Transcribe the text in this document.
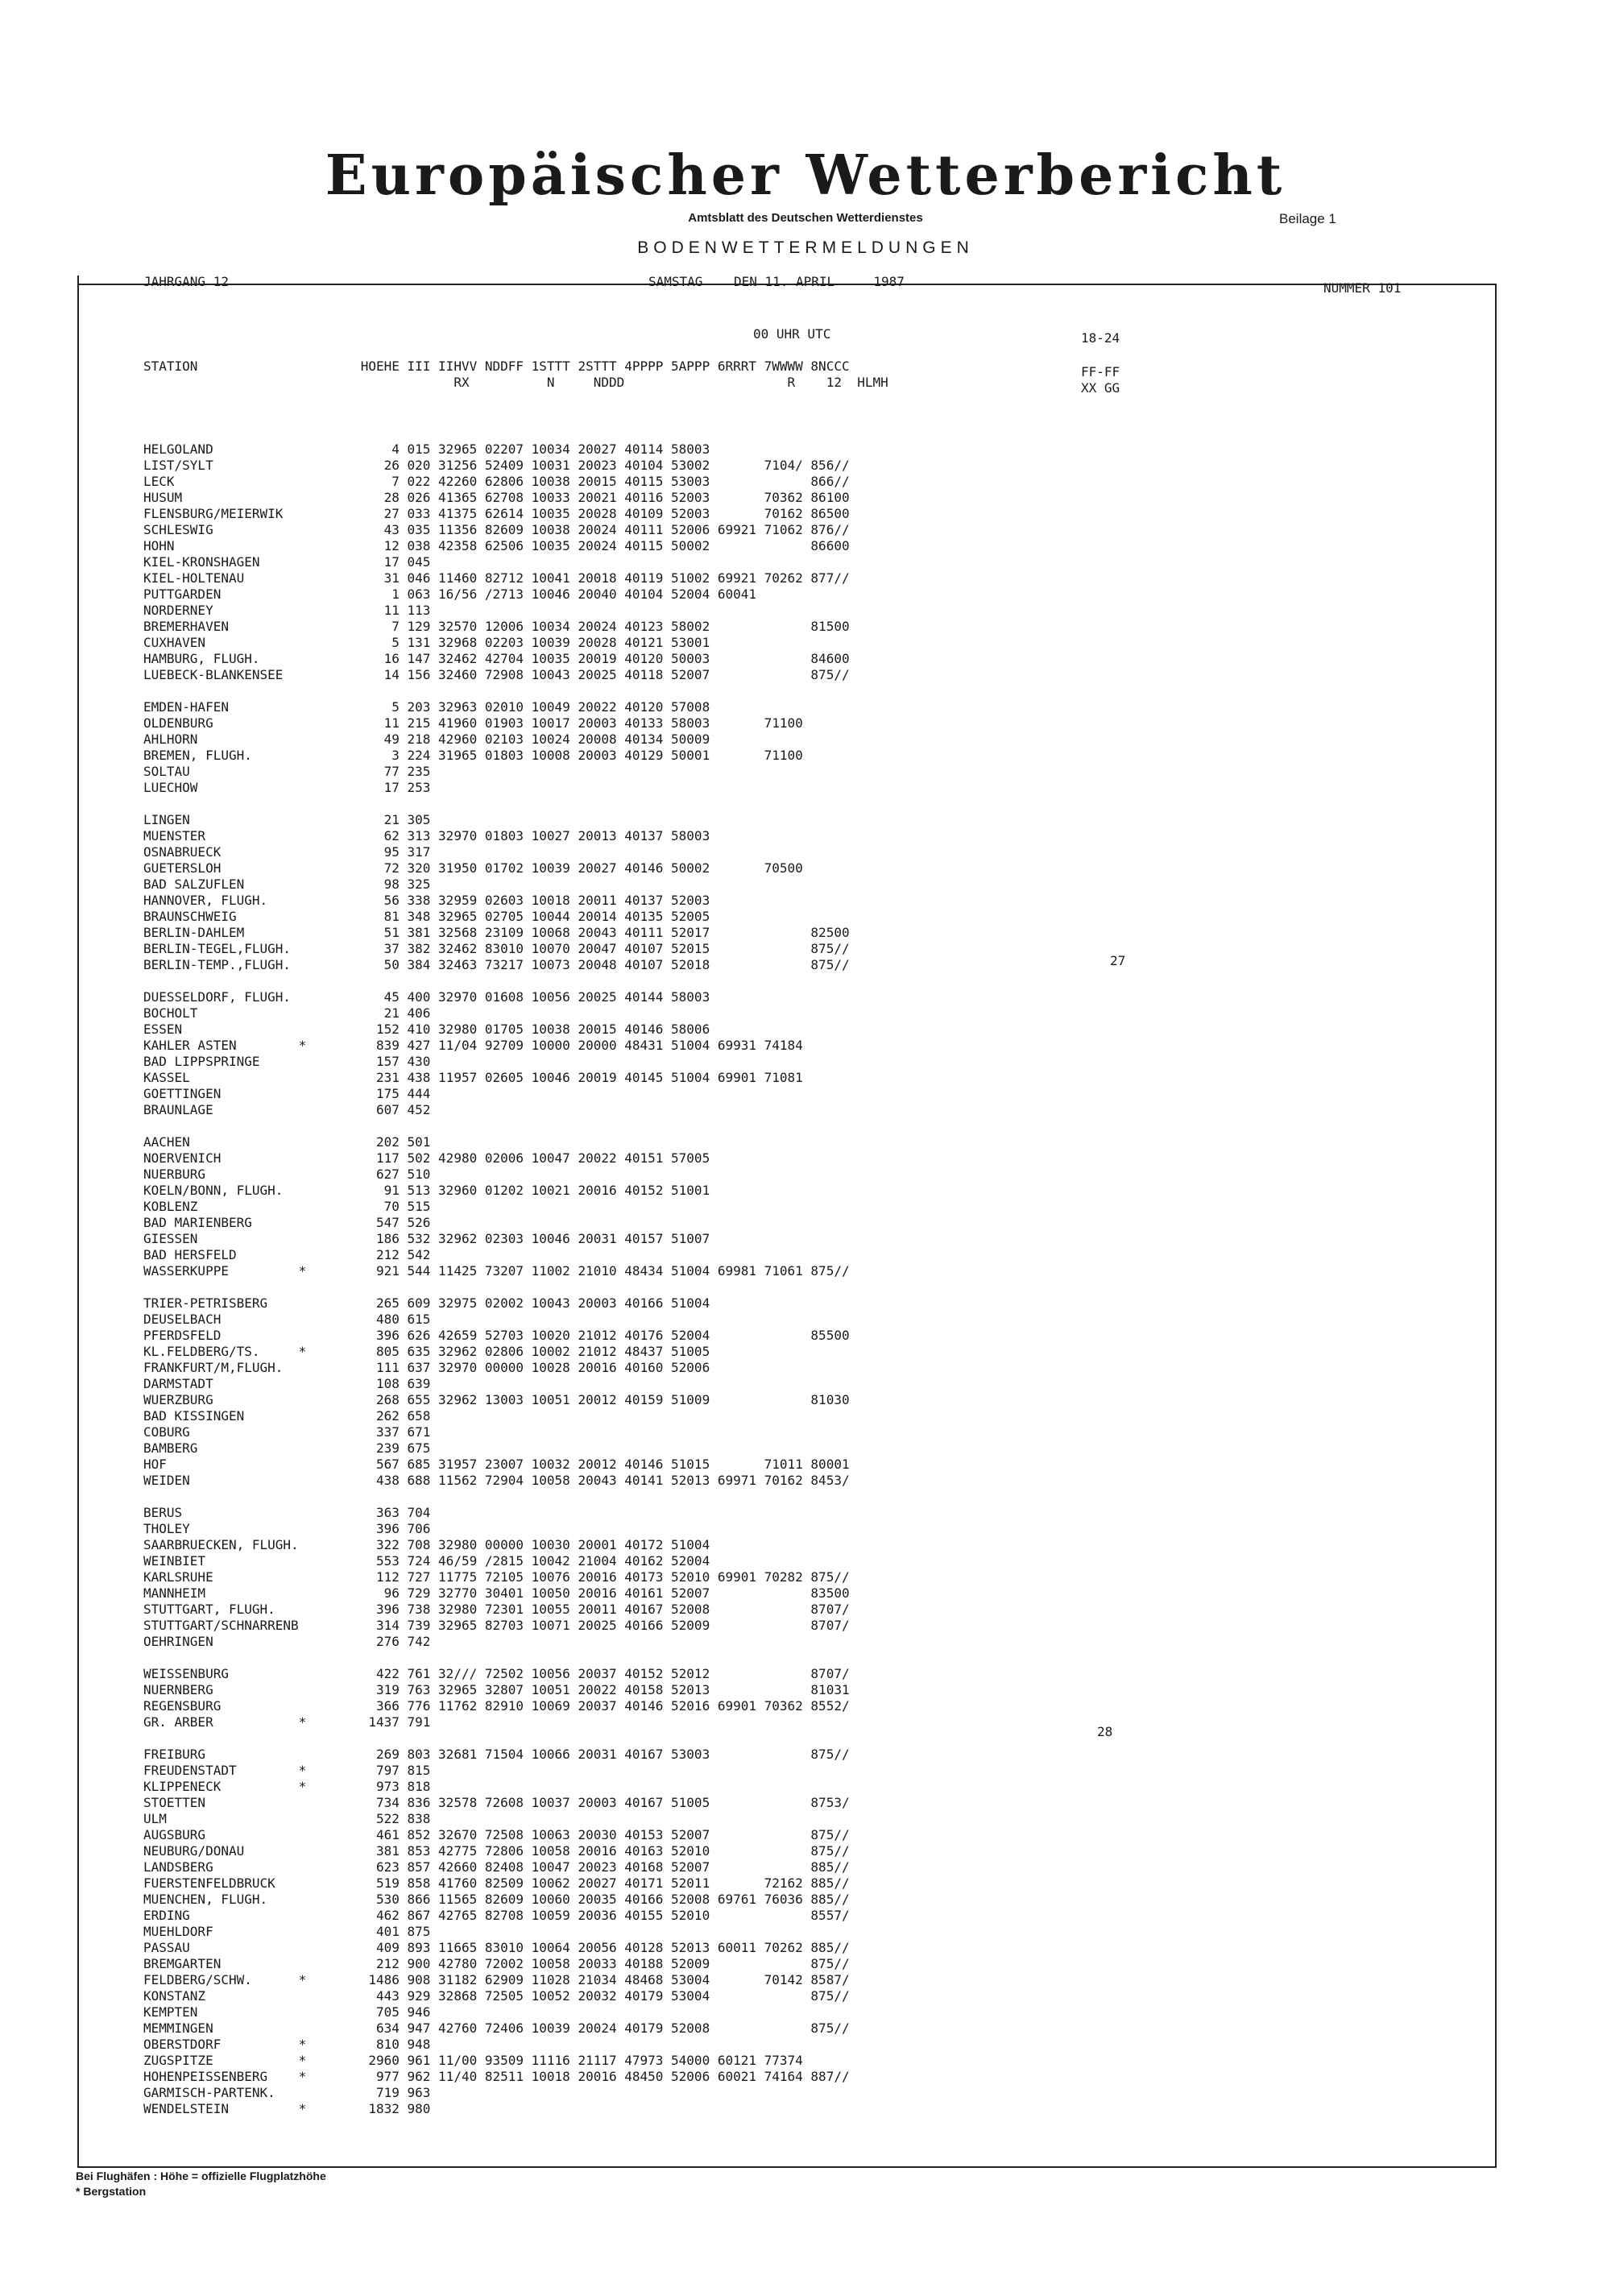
Europäischer Wetterbericht
Amtsblatt des Deutschen Wetterdienstes	Beilage 1
BODENWETTERMELDUNGEN
JAHRGANG 12	SAMSTAG    DEN 11. APRIL     1987	NUMMER 101
00 UHR UTC	18-24
STATION                     HOEHE III IIHVV NDDFF 1STTT 2STTT 4PPPP 5APPP 6RRRT 7WWWW 8NCCC
RX          N     NDDD                     R    12  HLMH
FF-FF
XX GG

HELGOLAND                       4 015 32965 02207 10034 20027 40114 58003
LIST/SYLT                      26 020 31256 52409 10031 20023 40104 53002       7104/ 856//
LECK                            7 022 42260 62806 10038 20015 40115 53003             866//
HUSUM                          28 026 41365 62708 10033 20021 40116 52003       70362 86100
FLENSBURG/MEIERWIK             27 033 41375 62614 10035 20028 40109 52003       70162 86500
SCHLESWIG                      43 035 11356 82609 10038 20024 40111 52006 69921 71062 876//
HOHN                           12 038 42358 62506 10035 20024 40115 50002             86600
KIEL-KRONSHAGEN                17 045
KIEL-HOLTENAU                  31 046 11460 82712 10041 20018 40119 51002 69921 70262 877//
PUTTGARDEN                      1 063 16/56 /2713 10046 20040 40104 52004 60041
NORDERNEY                      11 113
BREMERHAVEN                     7 129 32570 12006 10034 20024 40123 58002             81500
CUXHAVEN                        5 131 32968 02203 10039 20028 40121 53001
HAMBURG, FLUGH.                16 147 32462 42704 10035 20019 40120 50003             84600
LUEBECK-BLANKENSEE             14 156 32460 72908 10043 20025 40118 52007             875//
EMDEN-HAFEN                     5 203 32963 02010 10049 20022 40120 57008
OLDENBURG                      11 215 41960 01903 10017 20003 40133 58003       71100
AHLHORN                        49 218 42960 02103 10024 20008 40134 50009
BREMEN, FLUGH.                  3 224 31965 01803 10008 20003 40129 50001       71100
SOLTAU                         77 235
LUECHOW                        17 253
LINGEN                         21 305
MUENSTER                       62 313 32970 01803 10027 20013 40137 58003
OSNABRUECK                     95 317
GUETERSLOH                     72 320 31950 01702 10039 20027 40146 50002       70500
BAD SALZUFLEN                  98 325
HANNOVER, FLUGH.               56 338 32959 02603 10018 20011 40137 52003
BRAUNSCHWEIG                   81 348 32965 02705 10044 20014 40135 52005
BERLIN-DAHLEM                  51 381 32568 23109 10068 20043 40111 52017             82500
BERLIN-TEGEL,FLUGH.            37 382 32462 83010 10070 20047 40107 52015             875//
BERLIN-TEMP.,FLUGH.            50 384 32463 73217 10073 20048 40107 52018             875//
DUESSELDORF, FLUGH.            45 400 32970 01608 10056 20025 40144 58003
BOCHOLT                        21 406
ESSEN                         152 410 32980 01705 10038 20015 40146 58006
KAHLER ASTEN        *         839 427 11/04 92709 10000 20000 48431 51004 69931 74184
BAD LIPPSPRINGE               157 430
KASSEL                        231 438 11957 02605 10046 20019 40145 51004 69901 71081
GOETTINGEN                    175 444
BRAUNLAGE                     607 452
AACHEN                        202 501
NOERVENICH                    117 502 42980 02006 10047 20022 40151 57005
NUERBURG                      627 510
KOELN/BONN, FLUGH.             91 513 32960 01202 10021 20016 40152 51001
KOBLENZ                        70 515
BAD MARIENBERG                547 526
GIESSEN                       186 532 32962 02303 10046 20031 40157 51007
BAD HERSFELD                  212 542
WASSERKUPPE         *         921 544 11425 73207 11002 21010 48434 51004 69981 71061 875//
TRIER-PETRISBERG              265 609 32975 02002 10043 20003 40166 51004
DEUSELBACH                    480 615
PFERDSFELD                    396 626 42659 52703 10020 21012 40176 52004             85500
KL.FELDBERG/TS.     *         805 635 32962 02806 10002 21012 48437 51005
FRANKFURT/M,FLUGH.            111 637 32970 00000 10028 20016 40160 52006
DARMSTADT                     108 639
WUERZBURG                     268 655 32962 13003 10051 20012 40159 51009             81030
BAD KISSINGEN                 262 658
COBURG                        337 671
BAMBERG                       239 675
HOF                           567 685 31957 23007 10032 20012 40146 51015       71011 80001
WEIDEN                        438 688 11562 72904 10058 20043 40141 52013 69971 70162 8453/
BERUS                         363 704
THOLEY                        396 706
SAARBRUECKEN, FLUGH.          322 708 32980 00000 10030 20001 40172 51004
WEINBIET                      553 724 46/59 /2815 10042 21004 40162 52004
KARLSRUHE                     112 727 11775 72105 10076 20016 40173 52010 69901 70282 875//
MANNHEIM                       96 729 32770 30401 10050 20016 40161 52007             83500
STUTTGART, FLUGH.             396 738 32980 72301 10055 20011 40167 52008             8707/
STUTTGART/SCHNARRENB          314 739 32965 82703 10071 20025 40166 52009             8707/
OEHRINGEN                     276 742
WEISSENBURG                   422 761 32/// 72502 10056 20037 40152 52012             8707/
NUERNBERG                     319 763 32965 32807 10051 20022 40158 52013             81031
REGENSBURG                    366 776 11762 82910 10069 20037 40146 52016 69901 70362 8552/
GR. ARBER           *        1437 791
FREIBURG                      269 803 32681 71504 10066 20031 40167 53003             875//
FREUDENSTADT        *         797 815
KLIPPENECK          *         973 818
STOETTEN                      734 836 32578 72608 10037 20003 40167 51005             8753/
ULM                           522 838
AUGSBURG                      461 852 32670 72508 10063 20030 40153 52007             875//
NEUBURG/DONAU                 381 853 42775 72806 10058 20016 40163 52010             875//
LANDSBERG                     623 857 42660 82408 10047 20023 40168 52007             885//
FUERSTENFELDBRUCK             519 858 41760 82509 10062 20027 40171 52011       72162 885//
MUENCHEN, FLUGH.              530 866 11565 82609 10060 20035 40166 52008 69761 76036 885//
ERDING                        462 867 42765 82708 10059 20036 40155 52010             8557/
MUEHLDORF                     401 875
PASSAU                        409 893 11665 83010 10064 20056 40128 52013 60011 70262 885//
BREMGARTEN                    212 900 42780 72002 10058 20033 40188 52009             875//
FELDBERG/SCHW.      *        1486 908 31182 62909 11028 21034 48468 53004       70142 8587/
KONSTANZ                      443 929 32868 72505 10052 20032 40179 53004             875//
KEMPTEN                       705 946
MEMMINGEN                     634 947 42760 72406 10039 20024 40179 52008             875//
OBERSTDORF          *         810 948
ZUGSPITZE           *        2960 961 11/00 93509 11116 21117 47973 54000 60121 77374
HOHENPEISSENBERG    *         977 962 11/40 82511 10018 20016 48450 52006 60021 74164 887//
GARMISCH-PARTENK.             719 963
WENDELSTEIN         *        1832 980

27
28
Bei Flughäfen : Höhe = offizielle Flugplatzhöhe
* Bergstation
